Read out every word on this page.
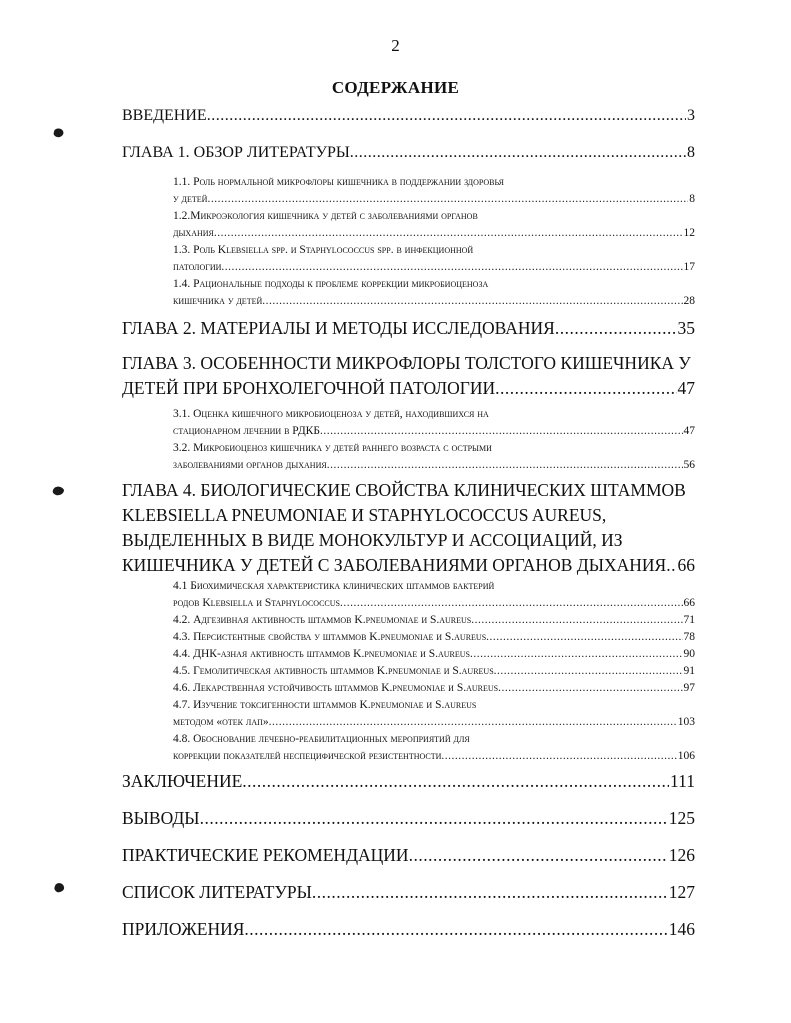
2
СОДЕРЖАНИЕ
ВВЕДЕНИЕ .....	3
ГЛАВА 1. ОБЗОР ЛИТЕРАТУРЫ .....	8
1.1. Роль нормальной микрофлоры кишечника в поддержании здоровья
у детей .....	8
1.2.Микроэкология кишечника у детей с заболеваниями органов
дыхания .....	12
1.3. Роль Klebsiella spp. и Staphylococcus spp. в инфекционной
патологии .....	17
1.4. Рациональные подходы к проблеме коррекции микробиоценоза
кишечника у детей .....	28
ГЛАВА 2. МАТЕРИАЛЫ И МЕТОДЫ ИССЛЕДОВАНИЯ .....	35
ГЛАВА 3. ОСОБЕННОСТИ МИКРОФЛОРЫ ТОЛСТОГО КИШЕЧНИКА У
ДЕТЕЙ ПРИ БРОНХОЛЕГОЧНОЙ ПАТОЛОГИИ .....	47
3.1. Оценка кишечного микробиоценоза у детей, находившихся на
стационарном лечении в РДКБ .....	47
3.2. Микробиоценоз кишечника у детей раннего возраста с острыми
заболеваниями органов дыхания .....	56
ГЛАВА 4. БИОЛОГИЧЕСКИЕ СВОЙСТВА КЛИНИЧЕСКИХ ШТАММОВ
KLEBSIELLA PNEUMONIAE И STAPHYLOCOCCUS AUREUS,
ВЫДЕЛЕННЫХ В ВИДЕ МОНОКУЛЬТУР И АССОЦИАЦИЙ, ИЗ
КИШЕЧНИКА У ДЕТЕЙ С ЗАБОЛЕВАНИЯМИ ОРГАНОВ ДЫХАНИЯ ..... 66
4.1 Биохимическая характеристика клинических штаммов бактерий
родов Klebsiella и Staphylococcus .....	66
4.2. Адгезивная активность штаммов K.pneumoniae и S.aureus .....	71
4.3. Персистентные свойства у штаммов K.pneumoniae и S.aureus .....	78
4.4. ДНК-азная активность штаммов K.pneumoniae и S.aureus .....	90
4.5. Гемолитическая активность штаммов K.pneumoniae и S.aureus .....	91
4.6. Лекарственная устойчивость штаммов K.pneumoniae и S.aureus .....	97
4.7. Изучение токсигенности штаммов K.pneumoniae и S.aureus
методом «отек лап» .....	103
4.8. Обоснование лечебно-реабилитационных мероприятий для
коррекции показателей неспецифической резистентности .....	106
ЗАКЛЮЧЕНИЕ .....	111
ВЫВОДЫ .....	125
ПРАКТИЧЕСКИЕ РЕКОМЕНДАЦИИ .....	126
СПИСОК ЛИТЕРАТУРЫ .....	127
ПРИЛОЖЕНИЯ .....	146
